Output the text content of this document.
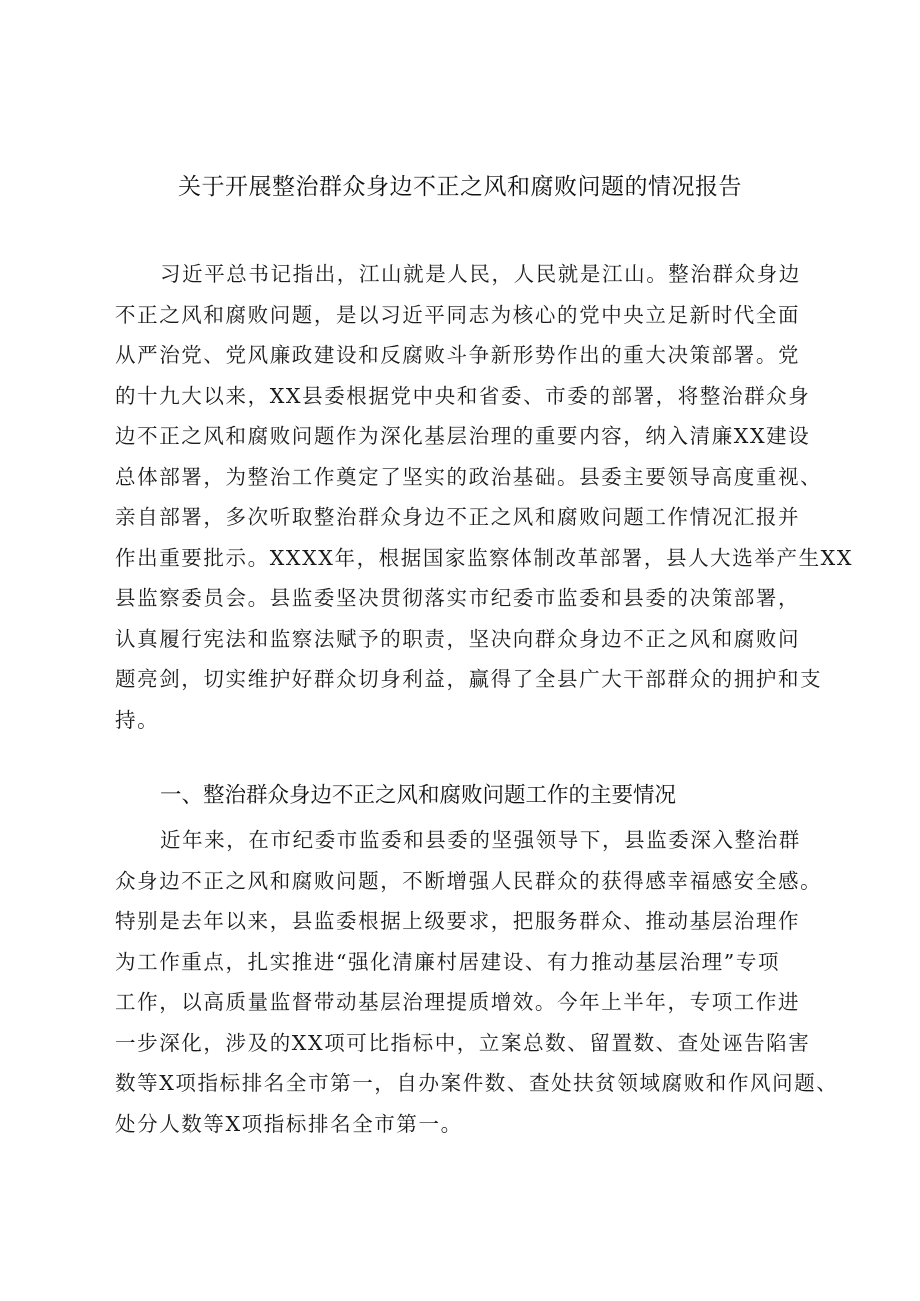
关于开展整治群众身边不正之风和腐败问题的情况报告
习近平总书记指出，江山就是人民，人民就是江山。整治群众身边
不正之风和腐败问题，是以习近平同志为核心的党中央立足新时代全面
从严治党、党风廉政建设和反腐败斗争新形势作出的重大决策部署。党
的十九大以来，XX县委根据党中央和省委、市委的部署，将整治群众身
边不正之风和腐败问题作为深化基层治理的重要内容，纳入清廉XX建设
总体部署，为整治工作奠定了坚实的政治基础。县委主要领导高度重视、
亲自部署，多次听取整治群众身边不正之风和腐败问题工作情况汇报并
作出重要批示。XXXX年，根据国家监察体制改革部署，县人大选举产生XX
县监察委员会。县监委坚决贯彻落实市纪委市监委和县委的决策部署，
认真履行宪法和监察法赋予的职责，坚决向群众身边不正之风和腐败问
题亮剑，切实维护好群众切身利益，赢得了全县广大干部群众的拥护和支
持。
一、整治群众身边不正之风和腐败问题工作的主要情况
近年来，在市纪委市监委和县委的坚强领导下，县监委深入整治群
众身边不正之风和腐败问题，不断增强人民群众的获得感幸福感安全感。
特别是去年以来，县监委根据上级要求，把服务群众、推动基层治理作
为工作重点，扎实推进“强化清廉村居建设、有力推动基层治理”专项
工作，以高质量监督带动基层治理提质增效。今年上半年，专项工作进
一步深化，涉及的XX项可比指标中，立案总数、留置数、查处诬告陷害
数等X项指标排名全市第一，自办案件数、查处扶贫领域腐败和作风问题、
处分人数等X项指标排名全市第一。
